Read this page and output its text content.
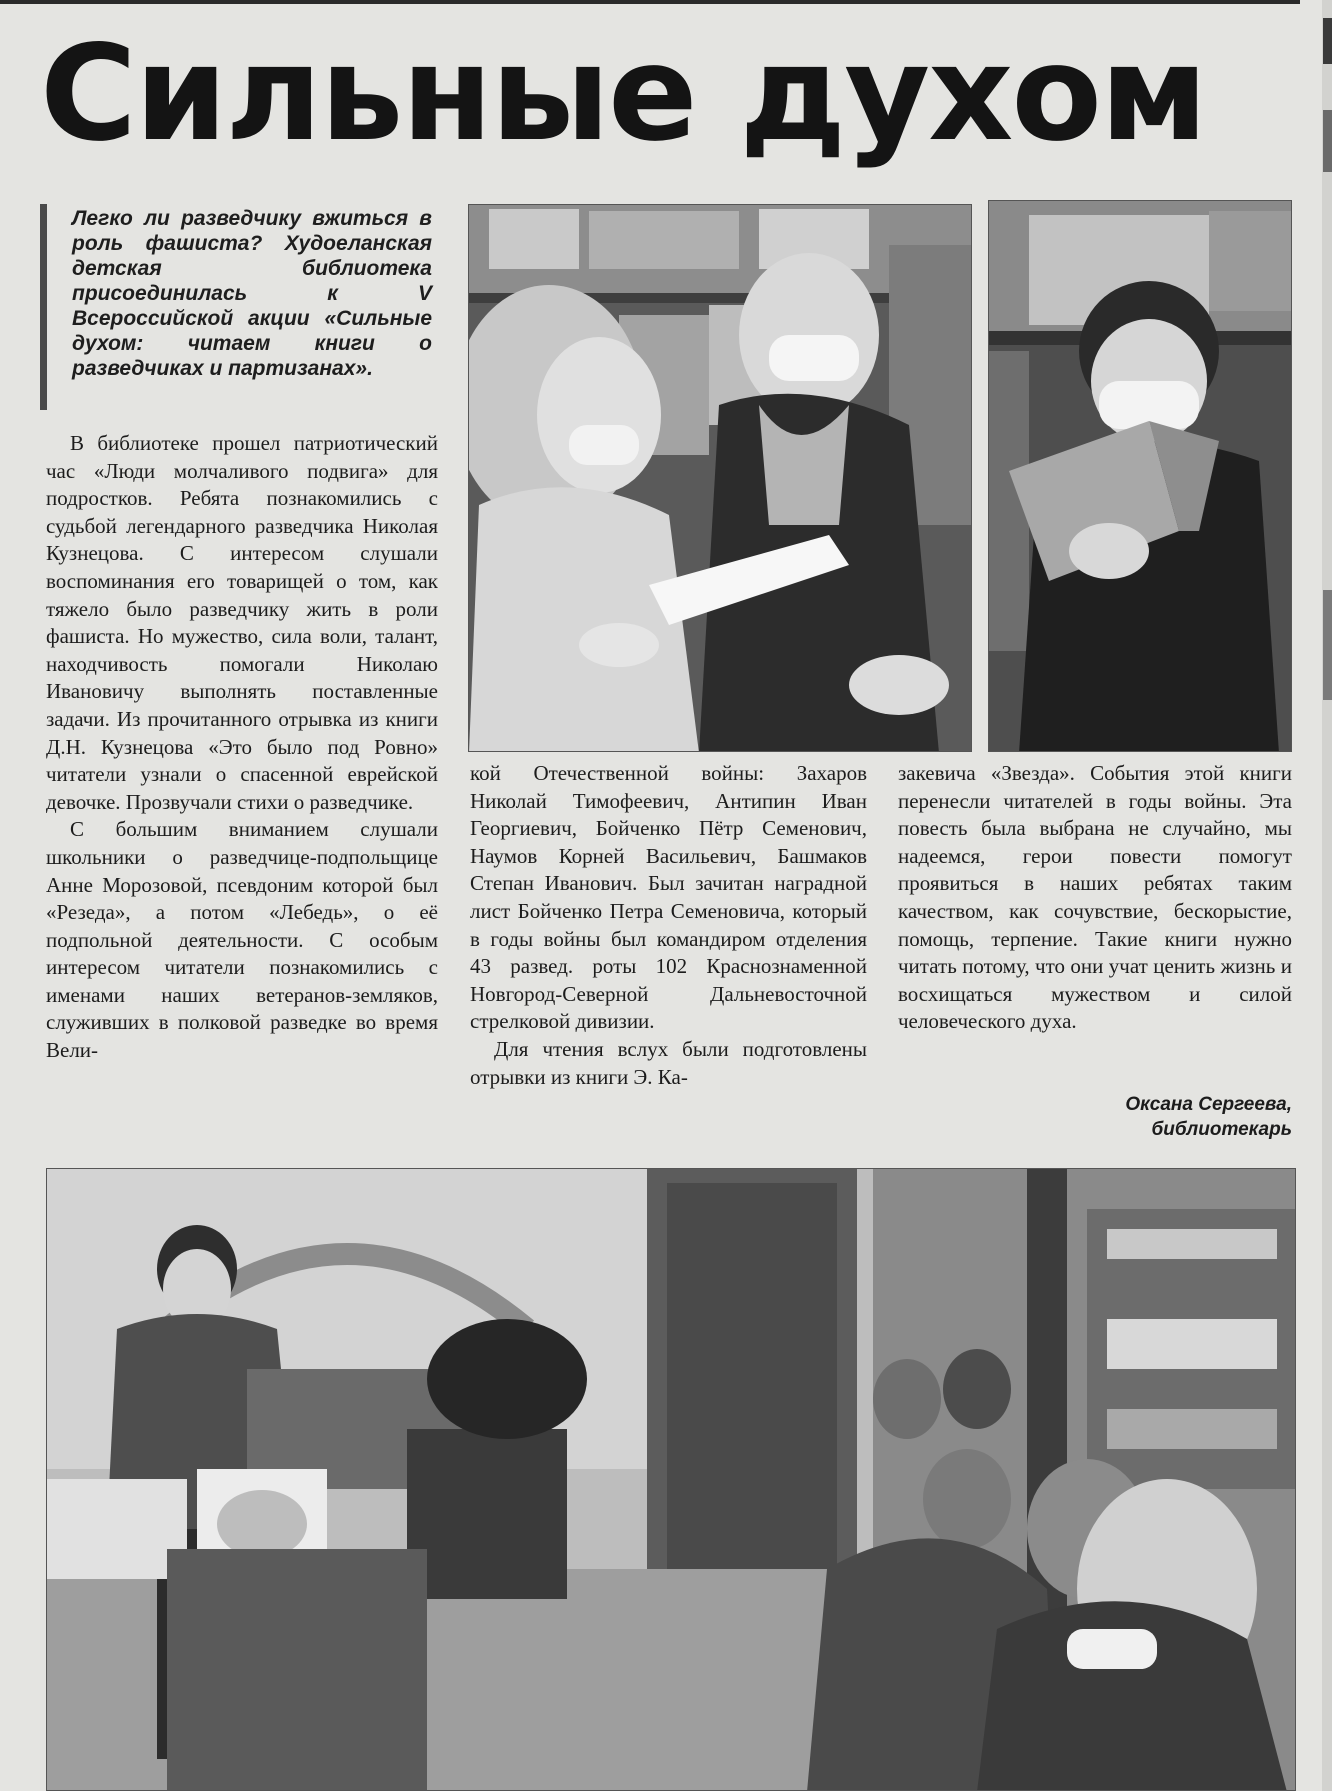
Сильные духом

Легко ли разведчику вжиться в роль фашиста? Худоеланская детская библиотека присоединилась к V Всероссийской акции «Сильные духом: читаем книги о разведчиках и партизанах».

В библиотеке прошел патриотический час «Люди молчаливого подвига» для подростков. Ребята познакомились с судьбой легендарного разведчика Николая Кузнецова. С интересом слушали воспоминания его товарищей о том, как тяжело было разведчику жить в роли фашиста. Но мужество, сила воли, талант, находчивость помогали Николаю Ивановичу выполнять поставленные задачи. Из прочитанного отрывка из книги Д.Н. Кузнецова «Это было под Ровно» читатели узнали о спасенной еврейской девочке. Прозвучали стихи о разведчике.

С большим вниманием слушали школьники о разведчице-подпольщице Анне Морозовой, псевдоним которой был «Резеда», а потом «Лебедь», о её подпольной деятельности. С особым интересом читатели познакомились с именами наших ветеранов-земляков, служивших в полковой разведке во время Вели-

кой Отечественной войны: Захаров Николай Тимофеевич, Антипин Иван Георгиевич, Бойченко Пётр Семенович, Наумов Корней Васильевич, Башмаков Степан Иванович. Был зачитан наградной лист Бойченко Петра Семеновича, который в годы войны был командиром отделения 43 развед. роты 102 Краснознаменной Новгород-Северной Дальневосточной стрелковой дивизии.

Для чтения вслух были подготовлены отрывки из книги Э. Ка-

закевича «Звезда». События этой книги перенесли читателей в годы войны. Эта повесть была выбрана не случайно, мы надеемся, герои повести помогут проявиться в наших ребятах таким качеством, как сочувствие, бескорыстие, помощь, терпение. Такие книги нужно читать потому, что они учат ценить жизнь и восхищаться мужеством и силой человеческого духа.

Оксана Сергеева,
библиотекарь
